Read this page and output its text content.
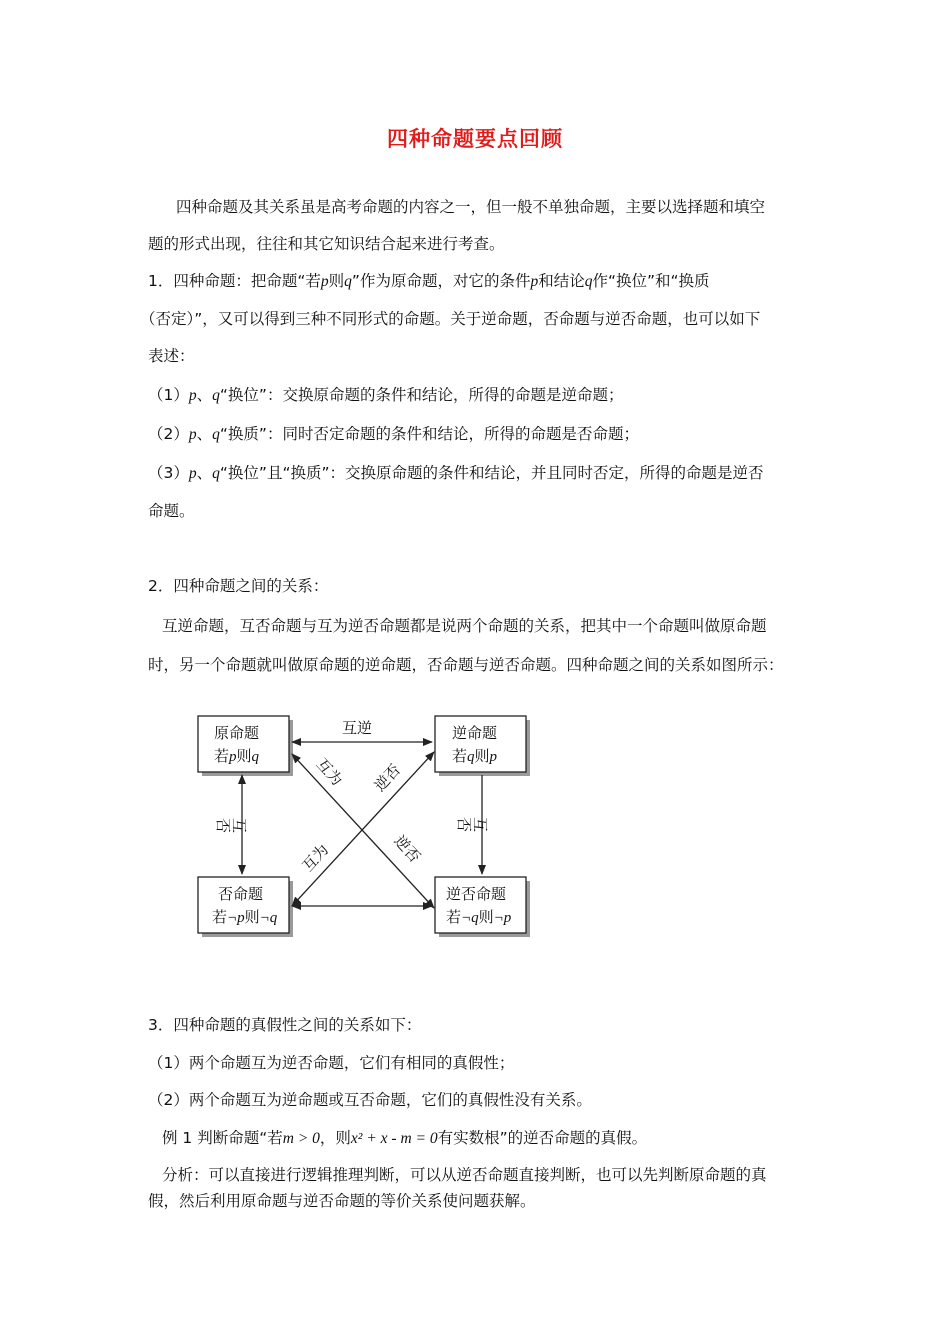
四种命题要点回顾
四种命题及其关系虽是高考命题的内容之一，但一般不单独命题，主要以选择题和填空
题的形式出现，往往和其它知识结合起来进行考查。
1．四种命题：把命题“若p则q”作为原命题，对它的条件p和结论q作“换位”和“换质
（否定）”，又可以得到三种不同形式的命题。关于逆命题，否命题与逆否命题，也可以如下
表述：
（1）p、q“换位”：交换原命题的条件和结论，所得的命题是逆命题；
（2）p、q“换质”：同时否定命题的条件和结论，所得的命题是否命题；
（3）p、q“换位”且“换质”：交换原命题的条件和结论，并且同时否定，所得的命题是逆否
命题。
2．四种命题之间的关系：
互逆命题，互否命题与互为逆否命题都是说两个命题的关系，把其中一个命题叫做原命题
时，另一个命题就叫做原命题的逆命题，否命题与逆否命题。四种命题之间的关系如图所示：
原命题
若p则q
逆命题
若q则p
否命题
若¬p则¬q
逆否命题
若¬q则¬p
互逆
互
否	互
否
互为
逆否
互为
逆否
3．四种命题的真假性之间的关系如下：
（1）两个命题互为逆否命题，它们有相同的真假性；
（2）两个命题互为逆命题或互否命题，它们的真假性没有关系。
例 1 判断命题“若m > 0，则x² + x - m = 0有实数根”的逆否命题的真假。
分析：可以直接进行逻辑推理判断，可以从逆否命题直接判断，也可以先判断原命题的真
假，然后利用原命题与逆否命题的等价关系使问题获解。
